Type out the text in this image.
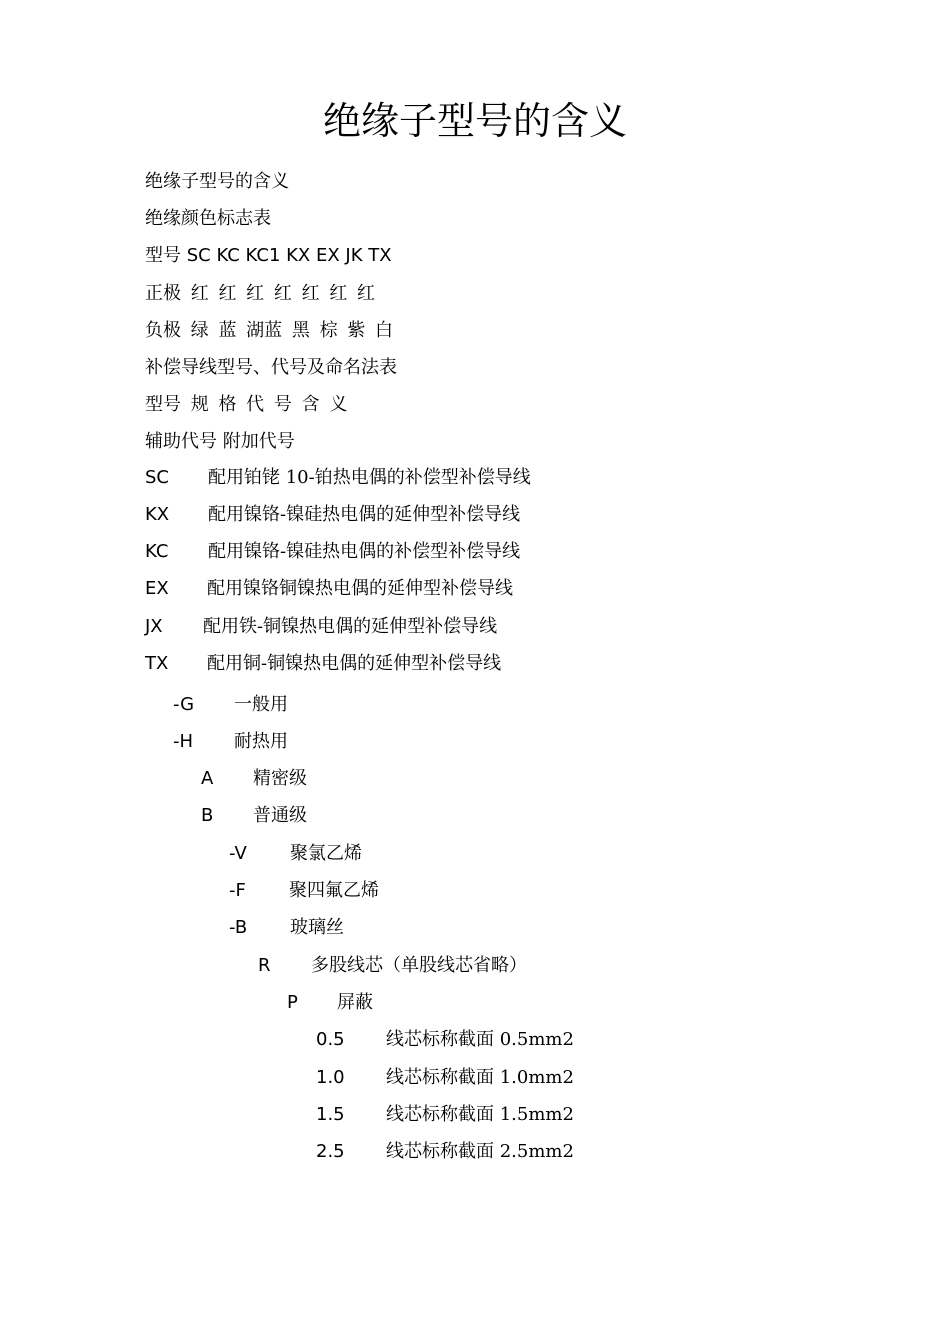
绝缘子型号的含义
绝缘子型号的含义
绝缘颜色标志表
型号 SC KC KC1 KX EX JK TX
正极 红 红 红 红 红 红 红
负极 绿 蓝 湖蓝 黑 棕 紫 白
补偿导线型号、代号及命名法表
型号 规 格 代 号 含 义
辅助代号 附加代号
SC 配用铂铑 10-铂热电偶的补偿型补偿导线
KX 配用镍铬-镍硅热电偶的延伸型补偿导线
KC 配用镍铬-镍硅热电偶的补偿型补偿导线
EX 配用镍铬铜镍热电偶的延伸型补偿导线
JX 配用铁-铜镍热电偶的延伸型补偿导线
TX 配用铜-铜镍热电偶的延伸型补偿导线
-G 一般用
-H 耐热用
A 精密级
B 普通级
-V 聚氯乙烯
-F 聚四氟乙烯
-B 玻璃丝
R 多股线芯（单股线芯省略）
P 屏蔽
0.5 线芯标称截面 0.5mm2
1.0 线芯标称截面 1.0mm2
1.5 线芯标称截面 1.5mm2
2.5 线芯标称截面 2.5mm2
